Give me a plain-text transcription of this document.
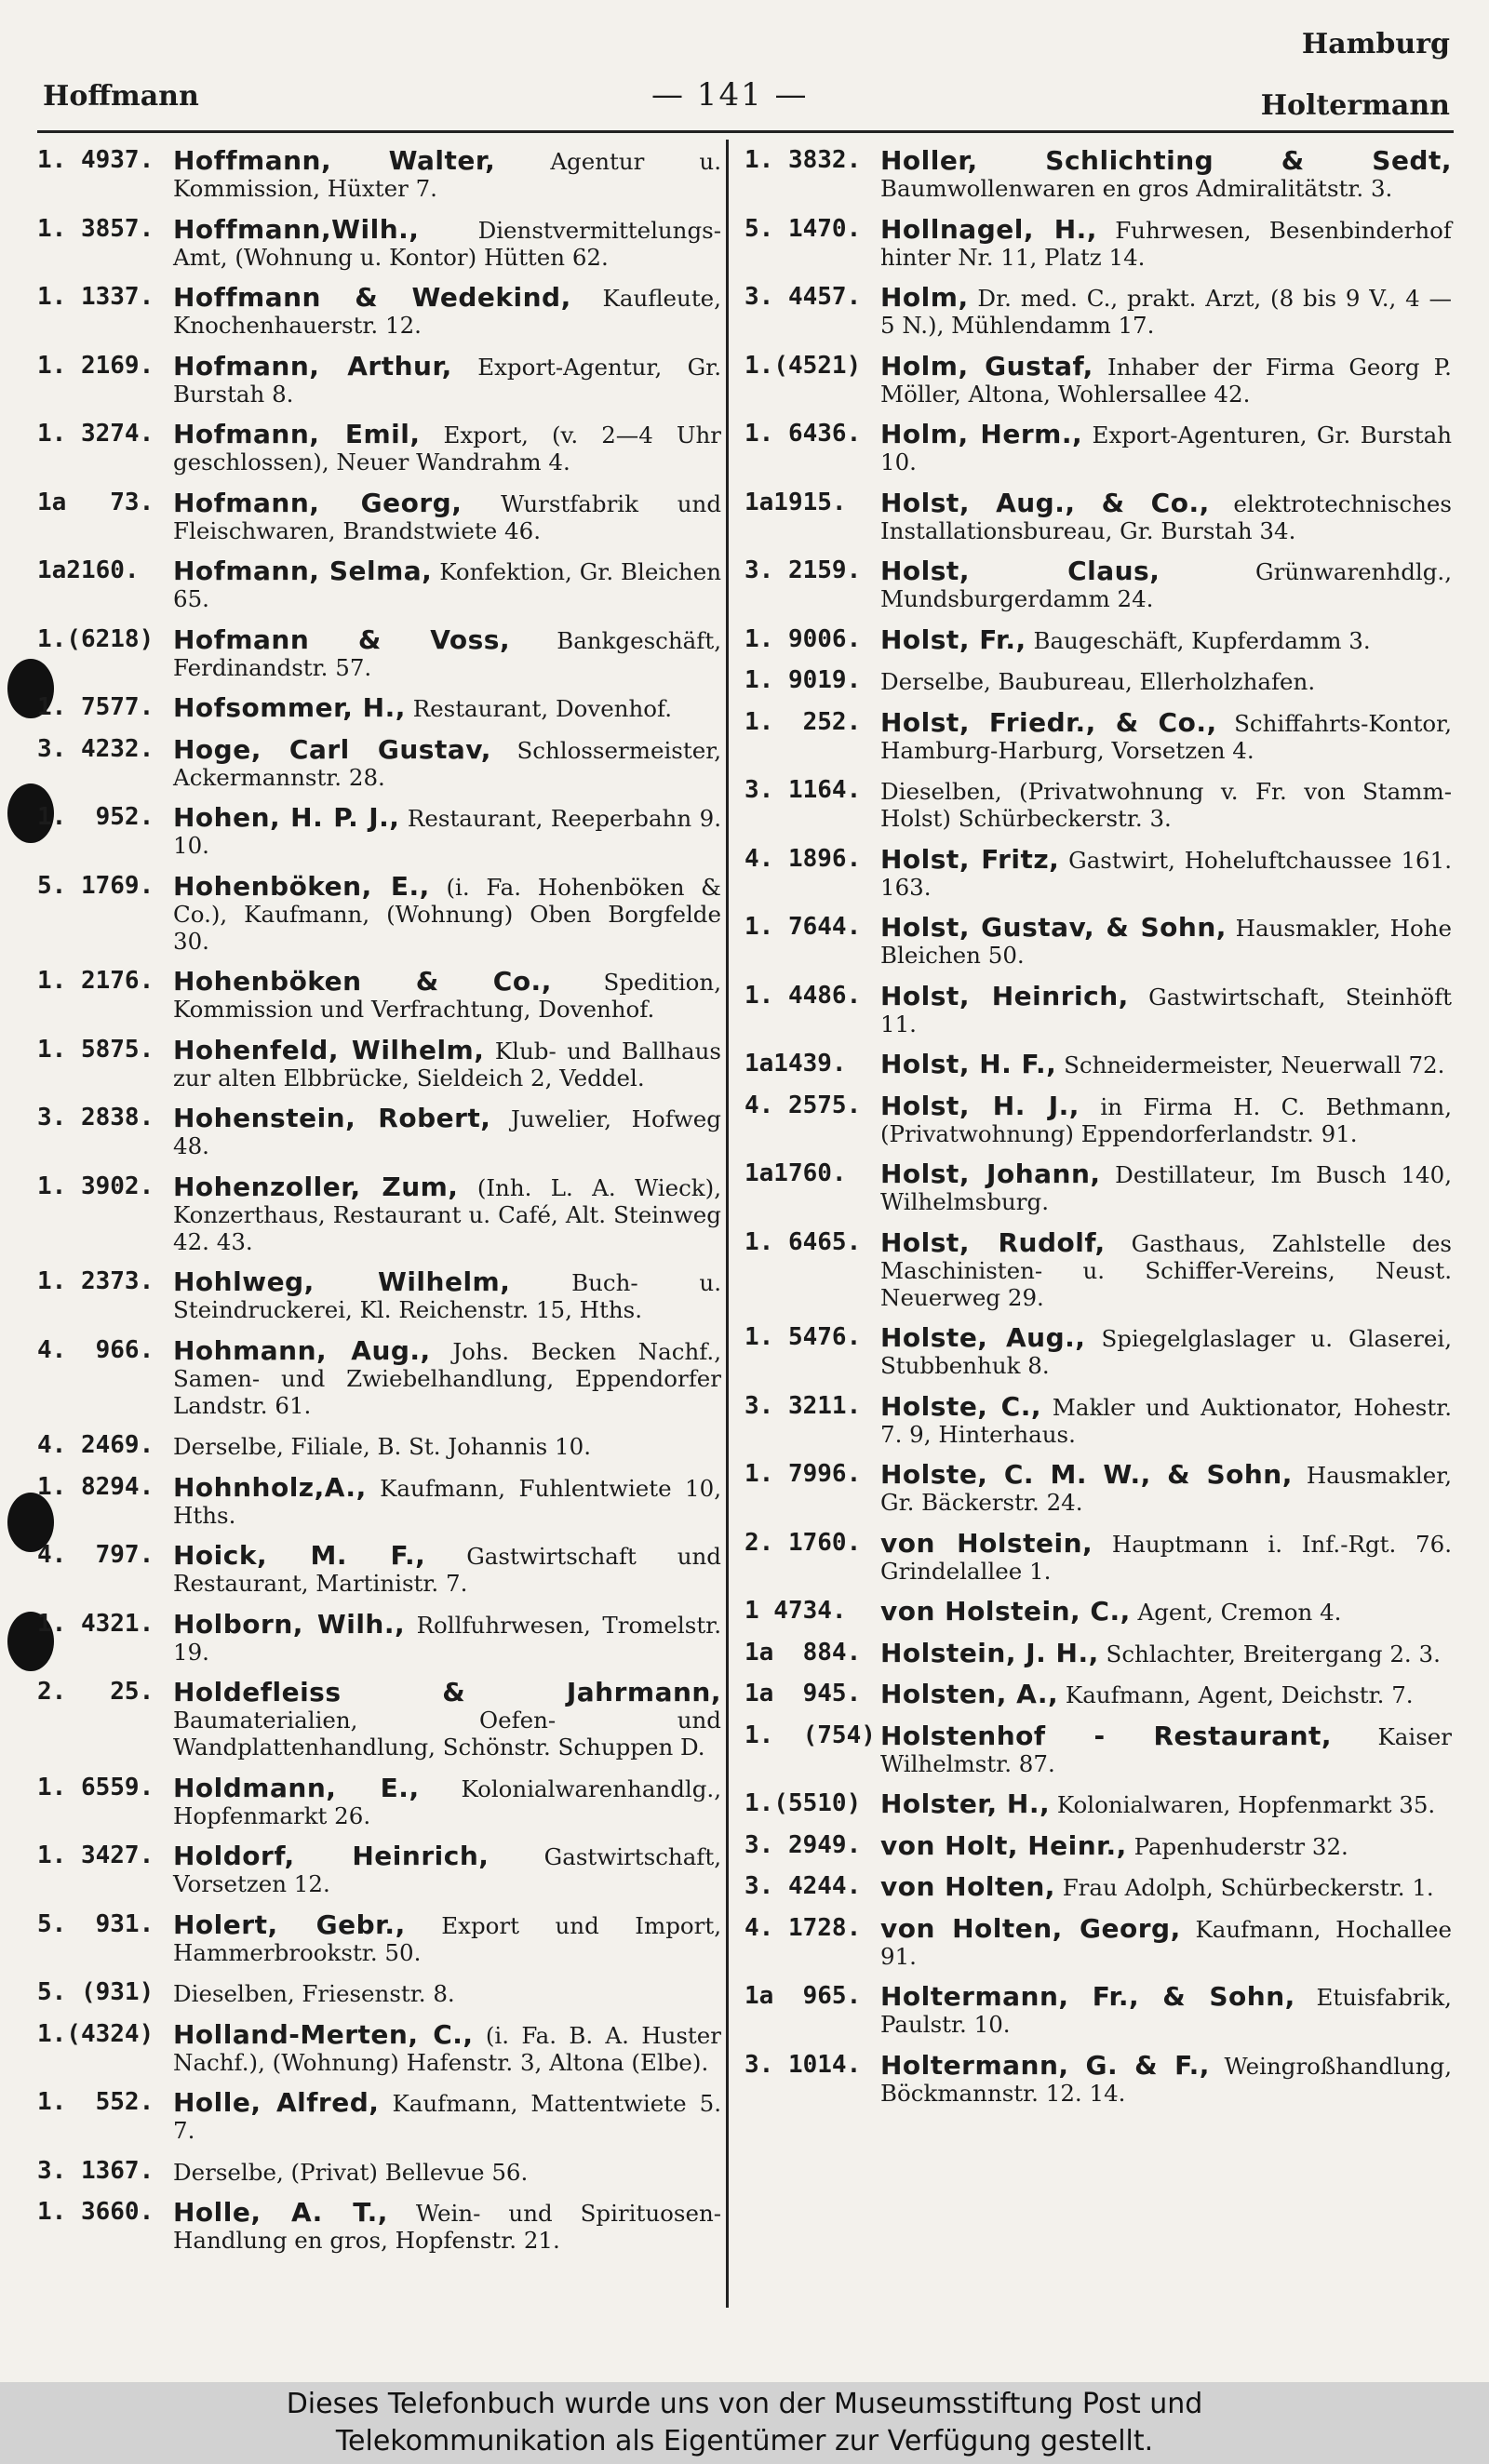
Hamburg
Hoffmann	— 141 —	Holtermann
1. 4937. Hoffmann, Walter, Agentur u. Kommission, Hüxter 7.
1. 3857. Hoffmann,Wilh.,	Dienstvermittelungs-Amt, (Wohnung u. Kontor) Hütten 62.
1. 1337. Hoffmann & Wedekind, Kaufleute, Knochenhauerstr. 12.
1. 2169. Hofmann, Arthur, Export-Agentur, Gr. Burstah 8.
1. 3274. Hofmann, Emil, Export, (v. 2—4 Uhr geschlossen), Neuer Wandrahm 4.
1a   73. Hofmann, Georg, Wurstfabrik und Fleischwaren, Brandstwiete 46.
1a2160.	Hofmann, Selma, Konfektion, Gr. Bleichen 65.
1.(6218) Hofmann & Voss, Bankgeschäft, Ferdinandstr. 57.
1. 7577. Hofsommer, H., Restaurant, Dovenhof.
3. 4232. Hoge, Carl Gustav, Schlossermeister, Ackermannstr. 28.
1.  952. Hohen, H. P. J., Restaurant, Reeperbahn 9. 10.
5. 1769. Hohenböken, E., (i. Fa. Hohenböken & Co.), Kaufmann, (Wohnung) Oben Borgfelde 30.
1. 2176. Hohenböken & Co., Spedition, Kommission und Verfrachtung, Dovenhof.
1. 5875. Hohenfeld, Wilhelm, Klub- und Ballhaus zur alten Elbbrücke, Sieldeich 2, Veddel.
3. 2838. Hohenstein, Robert, Juwelier, Hofweg 48.
1. 3902. Hohenzoller, Zum, (Inh. L. A. Wieck), Konzerthaus, Restaurant u. Café, Alt. Steinweg 42. 43.
1. 2373. Hohlweg, Wilhelm,	Buch- u. Steindruckerei, Kl. Reichenstr. 15, Hths.
4.  966. Hohmann, Aug., Johs. Becken Nachf., Samen- und Zwiebelhandlung, Eppendorfer Landstr. 61.
4. 2469. Derselbe, Filiale, B. St. Johannis 10.
1. 8294. Hohnholz,A., Kaufmann, Fuhlentwiete 10, Hths.
4.  797. Hoick, M. F., Gastwirtschaft und Restaurant, Martinistr. 7.
1. 4321. Holborn, Wilh., Rollfuhrwesen, Tromelstr. 19.
2.   25. Holdefleiss & Jahrmann, Baumaterialien, Oefen- und Wandplattenhandlung, Schönstr. Schuppen D.
1. 6559. Holdmann, E., Kolonialwarenhandlg., Hopfenmarkt 26.
1. 3427. Holdorf, Heinrich, Gastwirtschaft, Vorsetzen 12.
5.  931. Holert, Gebr., Export und Import, Hammerbrookstr. 50.
5. (931) Dieselben, Friesenstr. 8.
1.(4324) Holland-Merten, C., (i. Fa. B. A. Huster Nachf.), (Wohnung) Hafenstr. 3, Altona (Elbe).
1.  552. Holle, Alfred, Kaufmann, Mattentwiete 5. 7.
3. 1367. Derselbe, (Privat) Bellevue 56.
1. 3660. Holle, A. T., Wein- und Spirituosen-Handlung en gros, Hopfenstr. 21.
1. 3832. Holler, Schlichting & Sedt, Baumwollenwaren en gros Admiralitätstr. 3.
5. 1470. Hollnagel, H., Fuhrwesen, Besenbinderhof hinter Nr. 11, Platz 14.
3. 4457. Holm, Dr. med. C., prakt. Arzt, (8 bis 9 V., 4 — 5 N.), Mühlendamm 17.
1.(4521) Holm, Gustaf, Inhaber der Firma Georg P. Möller, Altona, Wohlersallee 42.
1. 6436. Holm, Herm., Export-Agenturen, Gr. Burstah 10.
1a1915.	Holst, Aug., & Co., elektrotechnisches Installationsbureau, Gr. Burstah 34.
3. 2159. Holst, Claus,	Grünwarenhdlg., Mundsburgerdamm 24.
1. 9006. Holst, Fr., Baugeschäft, Kupferdamm 3.
1. 9019. Derselbe, Baubureau, Ellerholzhafen.
1.  252. Holst, Friedr., & Co., Schiffahrts-Kontor, Hamburg-Harburg, Vorsetzen 4.
3. 1164. Dieselben, (Privatwohnung v. Fr. von Stamm-Holst) Schürbeckerstr. 3.
4. 1896. Holst, Fritz, Gastwirt, Hoheluftchaussee 161. 163.
1. 7644. Holst, Gustav, & Sohn, Hausmakler, Hohe Bleichen 50.
1. 4486. Holst, Heinrich, Gastwirtschaft, Steinhöft 11.
1a1439.	Holst, H. F., Schneidermeister, Neuerwall 72.
4. 2575. Holst, H. J., in Firma H. C. Bethmann, (Privatwohnung) Eppendorferlandstr. 91.
1a1760.	Holst, Johann, Destillateur, Im Busch 140, Wilhelmsburg.
1. 6465. Holst, Rudolf, Gasthaus, Zahlstelle des Maschinisten- u. Schiffer-Vereins, Neust. Neuerweg 29.
1. 5476. Holste, Aug., Spiegelglaslager u. Glaserei, Stubbenhuk 8.
3. 3211. Holste, C., Makler und Auktionator, Hohestr. 7. 9, Hinterhaus.
1. 7996. Holste, C. M. W., & Sohn, Hausmakler, Gr. Bäckerstr. 24.
2. 1760. von Holstein, Hauptmann i. Inf.-Rgt. 76. Grindelallee 1.
1 4734.	von Holstein, C., Agent, Cremon 4.
1a  884. Holstein, J. H., Schlachter, Breitergang 2. 3.
1a  945. Holsten, A., Kaufmann, Agent, Deichstr. 7.
1.  (754) Holstenhof - Restaurant, Kaiser Wilhelmstr. 87.
1.(5510) Holster, H., Kolonialwaren, Hopfenmarkt 35.
3. 2949. von Holt, Heinr., Papenhuderstr 32.
3. 4244. von Holten, Frau Adolph, Schürbeckerstr. 1.
4. 1728. von Holten, Georg, Kaufmann, Hochallee 91.
1a  965. Holtermann, Fr., & Sohn, Etuisfabrik, Paulstr. 10.
3. 1014. Holtermann, G. & F., Weingroßhandlung, Böckmannstr. 12. 14.
Dieses Telefonbuch wurde uns von der Museumsstiftung Post und
Telekommunikation als Eigentümer zur Verfügung gestellt.
